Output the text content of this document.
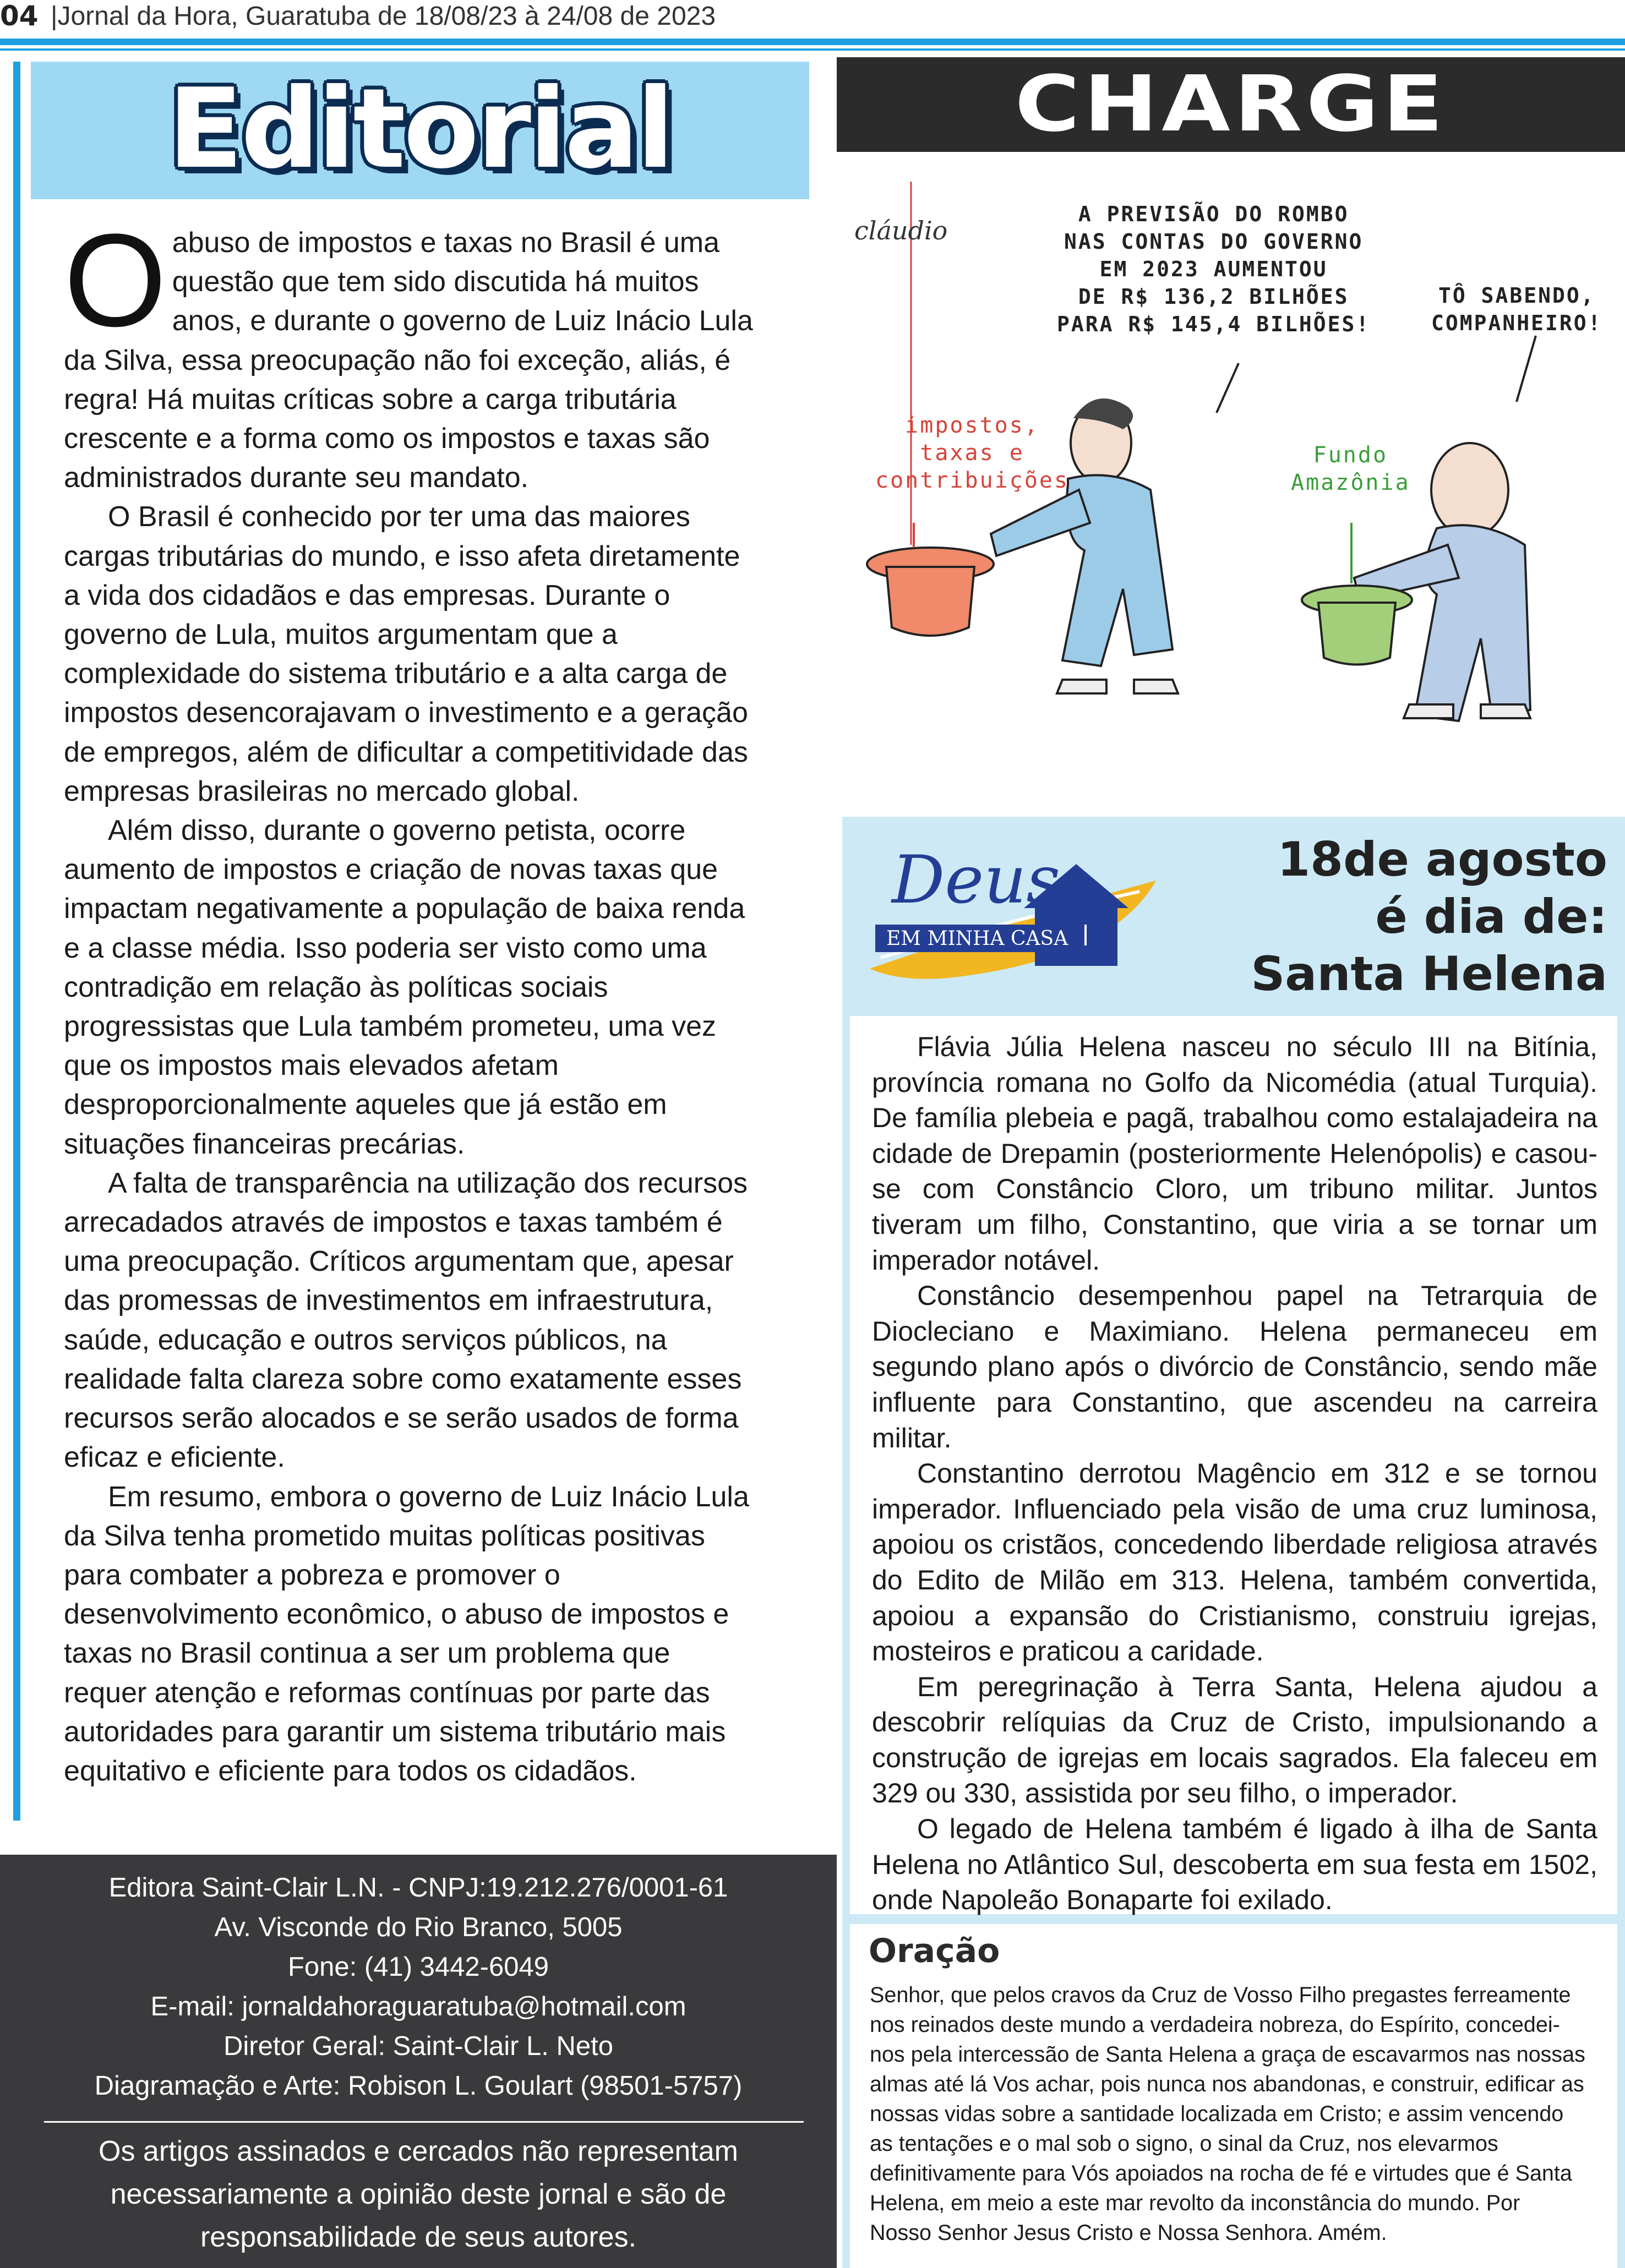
04 |Jornal da Hora, Guaratuba de 18/08/23 à 24/08 de 2023
Editorial

Oabuso de impostos e taxas no Brasil é uma questão que tem sido discutida há muitos anos, e durante o governo de Luiz Inácio Lula da Silva, essa preocupação não foi exceção, aliás, é regra! Há muitas críticas sobre a carga tributária crescente e a forma como os impostos e taxas são administrados durante seu mandato.

O Brasil é conhecido por ter uma das maiores cargas tributárias do mundo, e isso afeta diretamente a vida dos cidadãos e das empresas. Durante o governo de Lula, muitos argumentam que a complexidade do sistema tributário e a alta carga de impostos desencorajavam o investimento e a geração de empregos, além de dificultar a competitividade das empresas brasileiras no mercado global.

Além disso, durante o governo petista, ocorre aumento de impostos e criação de novas taxas que impactam negativamente a população de baixa renda e a classe média. Isso poderia ser visto como uma contradição em relação às políticas sociais progressistas que Lula também prometeu, uma vez que os impostos mais elevados afetam desproporcionalmente aqueles que já estão em situações financeiras precárias.

A falta de transparência na utilização dos recursos arrecadados através de impostos e taxas também é uma preocupação. Críticos argumentam que, apesar das promessas de investimentos em infraestrutura, saúde, educação e outros serviços públicos, na realidade falta clareza sobre como exatamente esses recursos serão alocados e se serão usados de forma eficaz e eficiente.

Em resumo, embora o governo de Luiz Inácio Lula da Silva tenha prometido muitas políticas positivas para combater a pobreza e promover o desenvolvimento econômico, o abuso de impostos e taxas no Brasil continua a ser um problema que requer atenção e reformas contínuas por parte das autoridades para garantir um sistema tributário mais equitativo e eficiente para todos os cidadãos.

Editora Saint-Clair L.N. - CNPJ:19.212.276/0001-61
Av. Visconde do Rio Branco, 5005
Fone: (41) 3442-6049
E-mail: jornaldahoraguaratuba@hotmail.com
Diretor Geral: Saint-Clair L. Neto
Diagramação e Arte: Robison L. Goulart (98501-5757)
Os artigos assinados e cercados não representam
necessariamente a opinião deste jornal e são de
responsabilidade de seus autores.
CHARGE
cláudio
A PREVISÃO DO ROMBO
NAS CONTAS DO GOVERNO
EM 2023 AUMENTOU
DE R$ 136,2 BILHÕES
PARA R$ 145,4 BILHÕES!
TÔ SABENDO,
COMPANHEIRO!
impostos,
taxas e
contribuições
Fundo
Amazônia
Deus
EM MINHA CASA
18de agosto
é dia de:
Santa Helena

Flávia Júlia Helena nasceu no século III na Bitínia, província romana no Golfo da Nicomédia (atual Turquia). De família plebeia e pagã, trabalhou como estalajadeira na cidade de Drepamin (posteriormente Helenópolis) e casou-se com Constâncio Cloro, um tribuno militar. Juntos tiveram um filho, Constantino, que viria a se tornar um imperador notável.

Constâncio desempenhou papel na Tetrarquia de Diocleciano e Maximiano. Helena permaneceu em segundo plano após o divórcio de Constâncio, sendo mãe influente para Constantino, que ascendeu na carreira militar.

Constantino derrotou Magêncio em 312 e se tornou imperador. Influenciado pela visão de uma cruz luminosa, apoiou os cristãos, concedendo liberdade religiosa através do Edito de Milão em 313. Helena, também convertida, apoiou a expansão do Cristianismo, construiu igrejas, mosteiros e praticou a caridade.

Em peregrinação à Terra Santa, Helena ajudou a descobrir relíquias da Cruz de Cristo, impulsionando a construção de igrejas em locais sagrados. Ela faleceu em 329 ou 330, assistida por seu filho, o imperador.

O legado de Helena também é ligado à ilha de Santa Helena no Atlântico Sul, descoberta em sua festa em 1502, onde Napoleão Bonaparte foi exilado.

Oração
Senhor, que pelos cravos da Cruz de Vosso Filho pregastes ferreamente nos reinados deste mundo a verdadeira nobreza, do Espírito, concedei-nos pela intercessão de Santa Helena a graça de escavarmos nas nossas almas até lá Vos achar, pois nunca nos abandonas, e construir, edificar as nossas vidas sobre a santidade localizada em Cristo; e assim vencendo as tentações e o mal sob o signo, o sinal da Cruz, nos elevarmos definitivamente para Vós apoiados na rocha de fé e virtudes que é Santa Helena, em meio a este mar revolto da inconstância do mundo. Por Nosso Senhor Jesus Cristo e Nossa Senhora. Amém.
